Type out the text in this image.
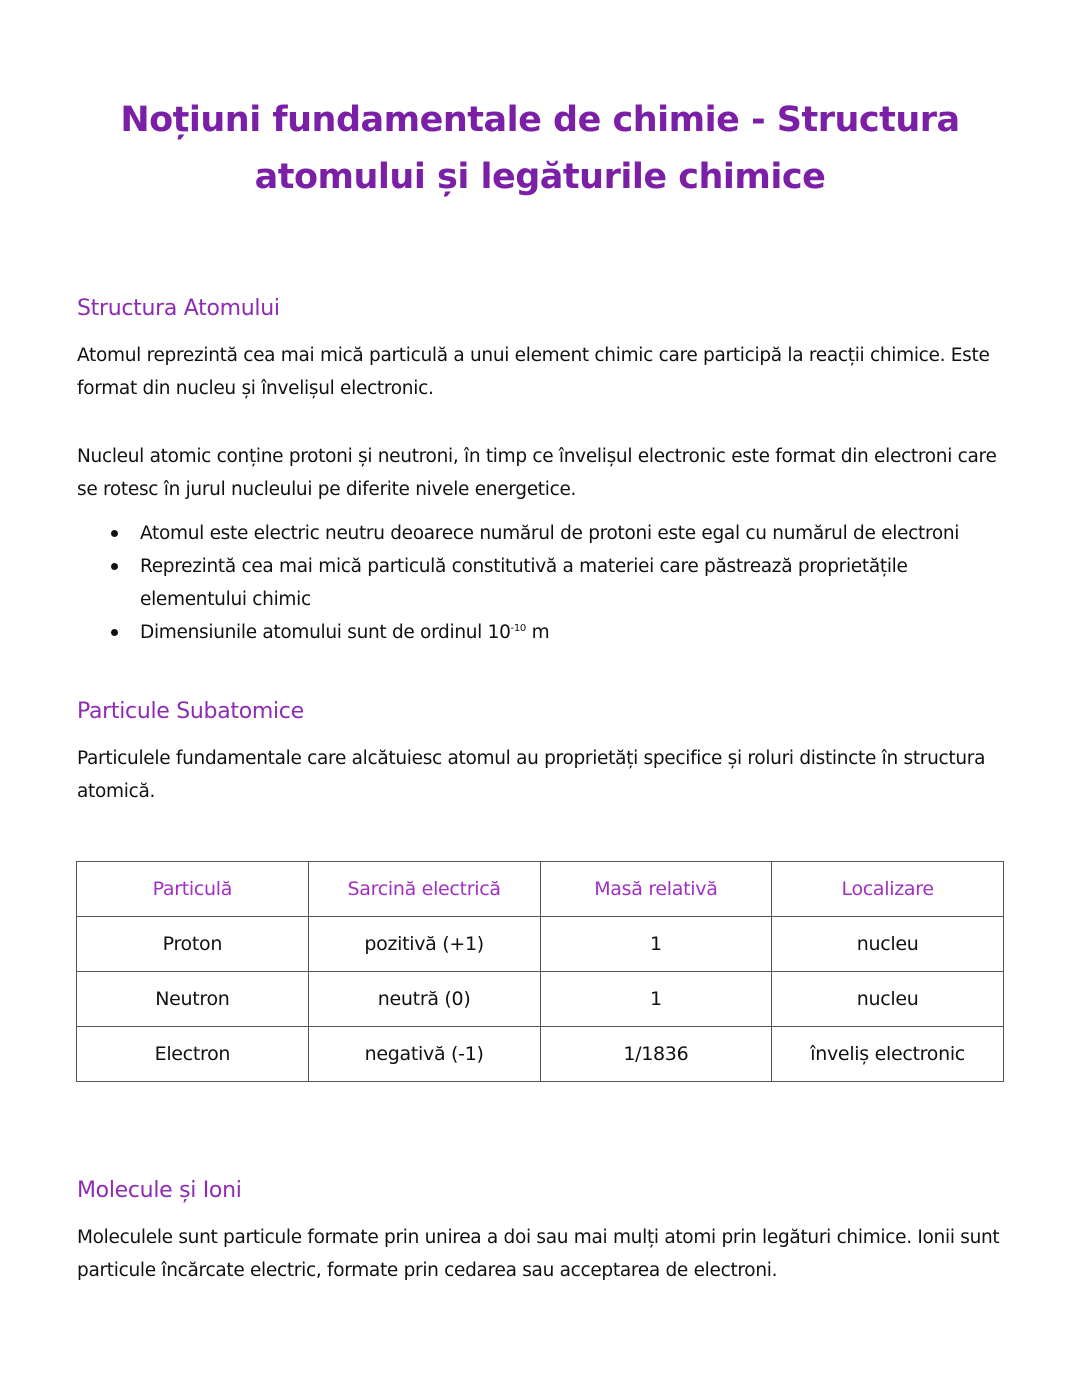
Noțiuni fundamentale de chimie - Structura atomului și legăturile chimice
Structura Atomului

Atomul reprezintă cea mai mică particulă a unui element chimic care participă la reacții chimice. Este format din nucleu și învelișul electronic.

Nucleul atomic conține protoni și neutroni, în timp ce învelișul electronic este format din electroni care se rotesc în jurul nucleului pe diferite nivele energetice.

Atomul este electric neutru deoarece numărul de protoni este egal cu numărul de electroni
Reprezintă cea mai mică particulă constitutivă a materiei care păstrează proprietățile elementului chimic
Dimensiunile atomului sunt de ordinul $10^{-10}$ m
Particule Subatomice

Particulele fundamentale care alcătuiesc atomul au proprietăți specifice și roluri distincte în structura atomică.

Particulă	Sarcină electrică	Masă relativă	Localizare
Proton	pozitivă (+1)	1	nucleu
Neutron	neutră (0)	1	nucleu
Electron	negativă (-1)	1/1836	înveliș electronic
Molecule și Ioni

Moleculele sunt particule formate prin unirea a doi sau mai mulți atomi prin legături chimice. Ionii sunt particule încărcate electric, formate prin cedarea sau acceptarea de electroni.
